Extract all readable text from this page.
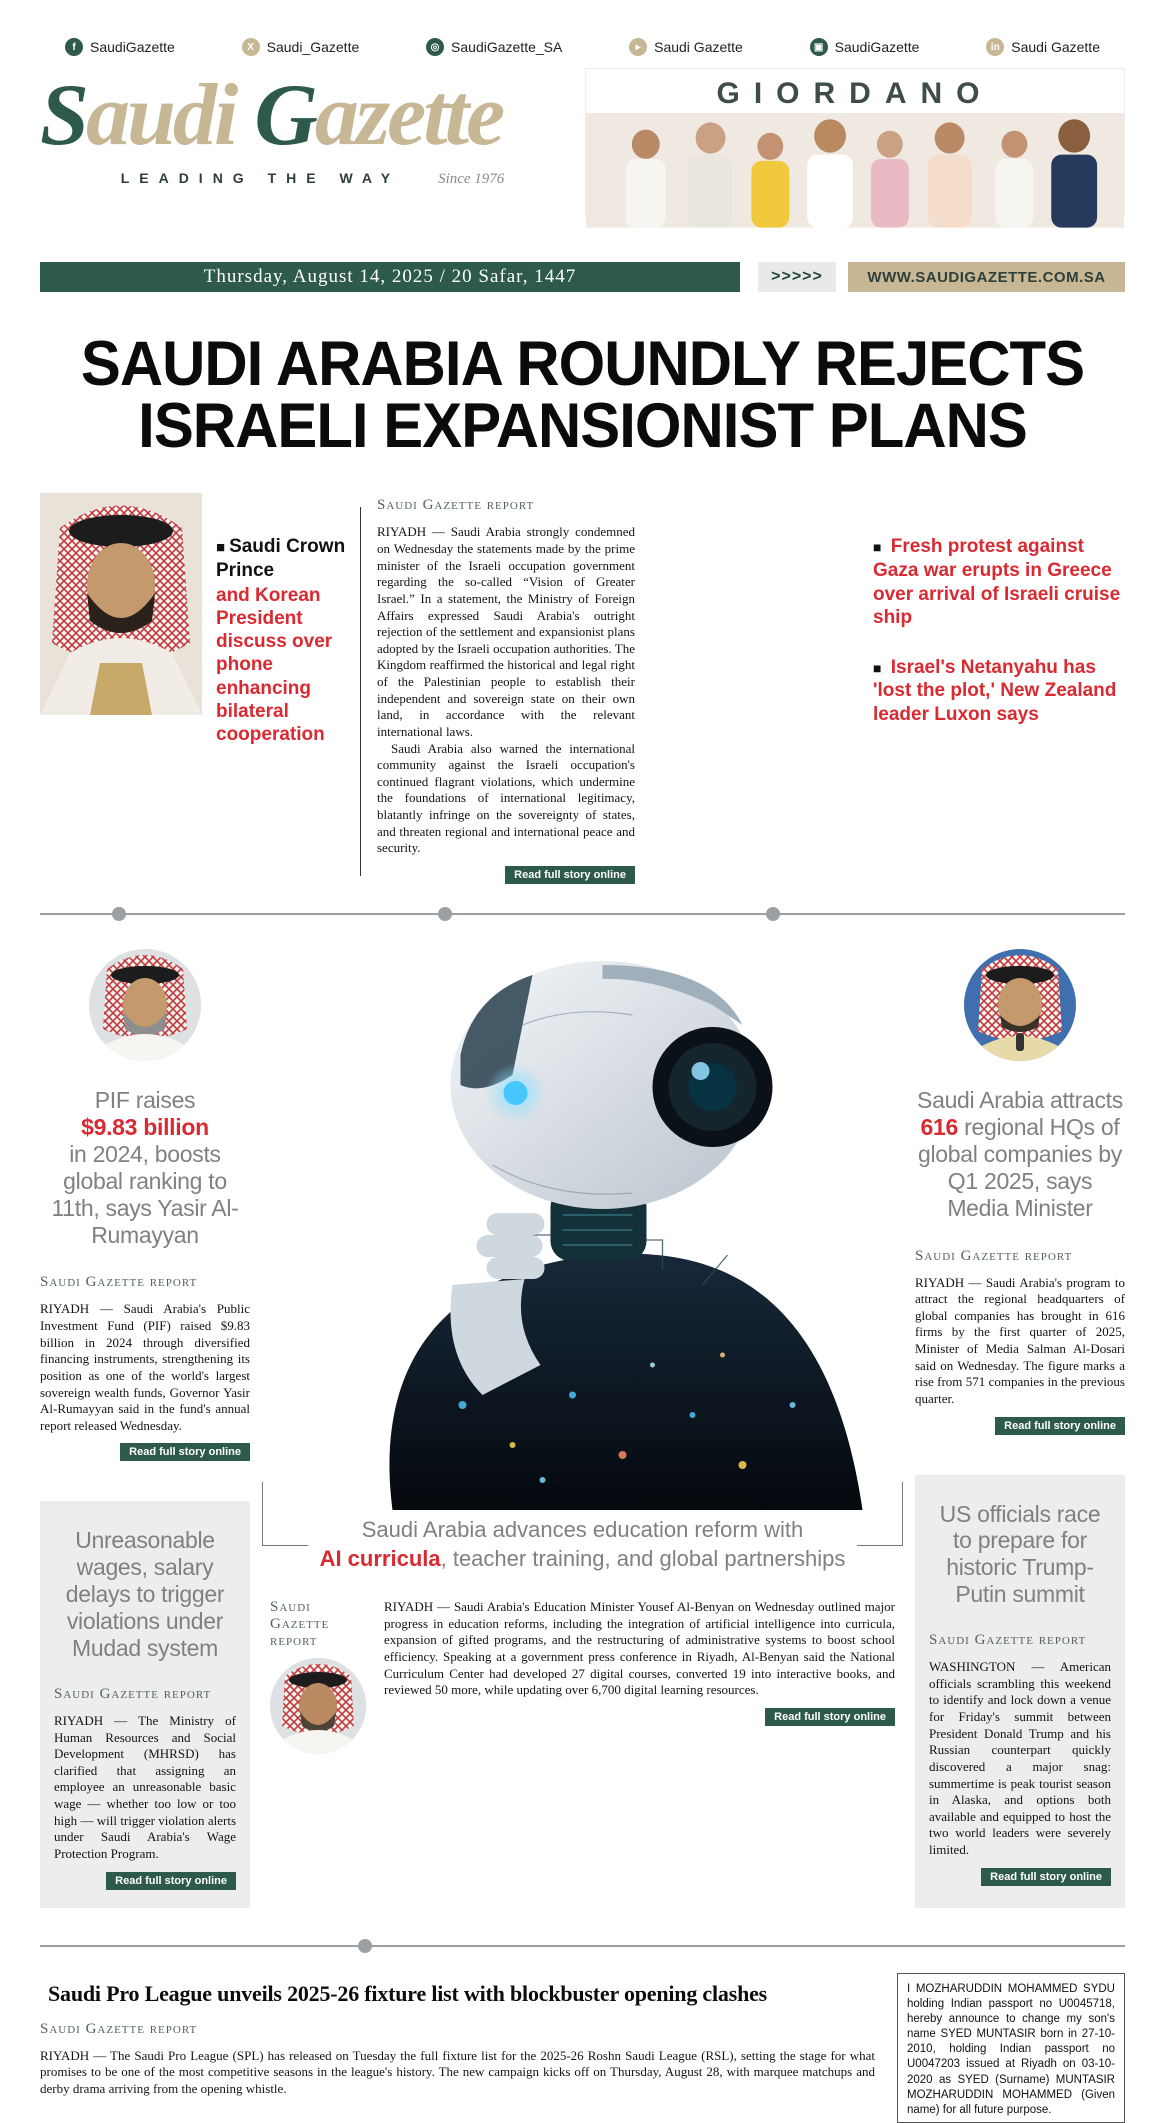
f	SaudiGazette	X Saudi_Gazette	◎ SaudiGazette_SA	▸ Saudi Gazette	▣ SaudiGazette	in Saudi Gazette
Saudi Gazette
LEADING THE WAY	Since 1976
GIORDANO
Thursday, August 14, 2025 / 20 Safar, 1447	>>>>>	WWW.SAUDIGAZETTE.COM.SA
SAUDI ARABIA ROUNDLY REJECTS
ISRAELI EXPANSIONIST PLANS
■ Saudi Crown Prince
and Korean President discuss over phone enhancing bilateral cooperation
Saudi Gazette report

RIYADH — Saudi Arabia strongly condemned on Wednesday the statements made by the prime minister of the Israeli occupation government regarding the so-called “Vision of Greater Israel.” In a statement, the Ministry of Foreign Affairs expressed Saudi Arabia's outright rejection of the settlement and expansionist plans adopted by the Israeli occupation authorities. The Kingdom reaffirmed the historical and legal right of the Palestinian people to establish their independent and sovereign state on their own land, in accordance with the relevant international laws.

Saudi Arabia also warned the international community against the Israeli occupation's continued flagrant violations, which undermine the foundations of international legitimacy, blatantly infringe on the sovereignty of states, and threaten regional and international peace and security.

Read full story online
■ Fresh protest against Gaza war erupts in Greece over arrival of Israeli cruise ship
■ Israel's Netanyahu has 'lost the plot,' New Zealand leader Luxon says
PIF raises
$9.83 billion
in 2024, boosts global ranking to 11th, says Yasir Al-Rumayyan
Saudi Gazette report

RIYADH — Saudi Arabia's Public Investment Fund (PIF) raised $9.83 billion in 2024 through diversified financing instruments, strengthening its position as one of the world's largest sovereign wealth funds, Governor Yasir Al-Rumayyan said in the fund's annual report released Wednesday.

Read full story online
Unreasonable wages, salary delays to trigger violations under Mudad system
Saudi Gazette report

RIYADH — The Ministry of Human Resources and Social Development (MHRSD) has clarified that assigning an employee an unreasonable basic wage — whether too low or too high — will trigger violation alerts under Saudi Arabia's Wage Protection Program.

Read full story online
Saudi Arabia advances education reform with
AI curricula, teacher training, and global partnerships
Saudi Gazette report

RIYADH — Saudi Arabia's Education Minister Yousef Al-Benyan on Wednesday outlined major progress in education reforms, including the integration of artificial intelligence into curricula, expansion of gifted programs, and the restructuring of administrative systems to boost school efficiency. Speaking at a government press conference in Riyadh, Al-Benyan said the National Curriculum Center had developed 27 digital courses, converted 19 into interactive books, and reviewed 50 more, while updating over 6,700 digital learning resources.

Read full story online
Saudi Arabia attracts 616 regional HQs of global companies by Q1 2025, says Media Minister
Saudi Gazette report

RIYADH — Saudi Arabia's program to attract the regional headquarters of global companies has brought in 616 firms by the first quarter of 2025, Minister of Media Salman Al-Dosari said on Wednesday. The figure marks a rise from 571 companies in the previous quarter.

Read full story online
US officials race to prepare for historic Trump-Putin summit
Saudi Gazette report

WASHINGTON — American officials scrambling this weekend to identify and lock down a venue for Friday's summit between President Donald Trump and his Russian counterpart quickly discovered a major snag: summertime is peak tourist season in Alaska, and options both available and equipped to host the two world leaders were severely limited.

Read full story online
Saudi Pro League unveils 2025-26 fixture list with blockbuster opening clashes
Saudi Gazette report

RIYADH — The Saudi Pro League (SPL) has released on Tuesday the full fixture list for the 2025-26 Roshn Saudi League (RSL), setting the stage for what promises to be one of the most competitive seasons in the league's history. The new campaign kicks off on Thursday, August 28, with marquee matchups and derby drama arriving from the opening whistle.

I MOZHARUDDIN MOHAMMED SYDU holding Indian passport no U0045718, hereby announce to change my son's name SYED MUNTASIR born in 27-10-2010, holding Indian passport no U0047203 issued at Riyadh on 03-10-2020 as SYED (Surname) MUNTASIR MOZHARUDDIN MOHAMMED (Given name) for all future purpose.
